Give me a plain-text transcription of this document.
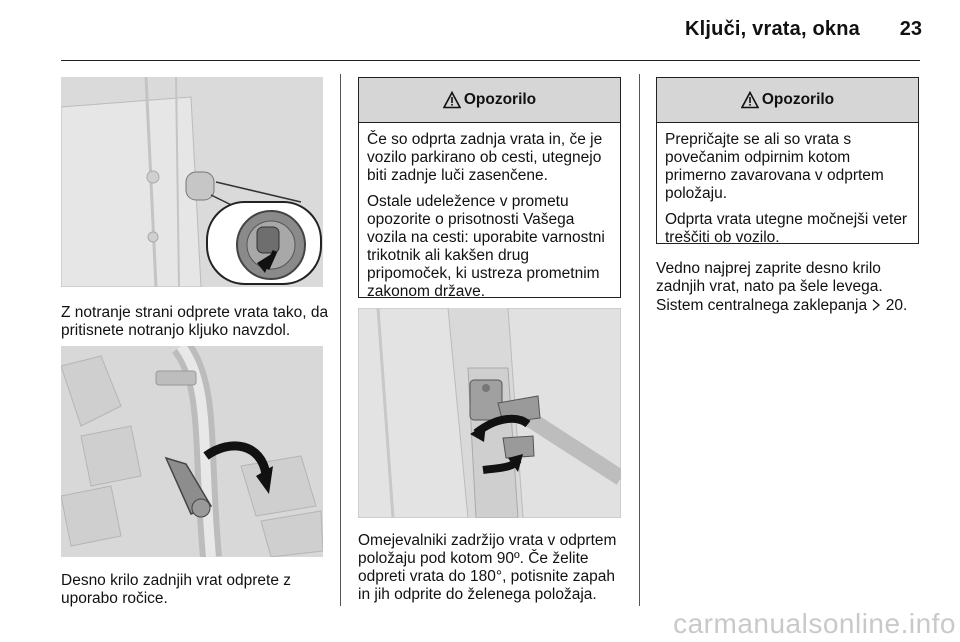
Ključi, vrata, okna 23

Z notranje strani odprete vrata tako, da pritisnete notranjo kljuko navzdol.

Desno krilo zadnjih vrat odprete z uporabo ročice.

Opozorilo

Če so odprta zadnja vrata in, če je vozilo parkirano ob cesti, utegnejo biti zadnje luči zasenčene.

Ostale udeležence v prometu opozorite o prisotnosti Vašega vozila na cesti: uporabite varnostni trikotnik ali kakšen drug pripomoček, ki ustreza prometnim zakonom države.

Omejevalniki zadržijo vrata v odprtem položaju pod kotom 90º. Če želite odpreti vrata do 180°, potisnite zapah in jih odprite do želenega položaja.

Opozorilo

Prepričajte se ali so vrata s povečanim odpirnim kotom primerno zavarovana v odprtem položaju.

Odprta vrata utegne močnejši veter treščiti ob vozilo.

Vedno najprej zaprite desno krilo zadnjih vrat, nato pa šele levega.

Sistem centralnega zaklepanja 20.

carmanualsonline.info
